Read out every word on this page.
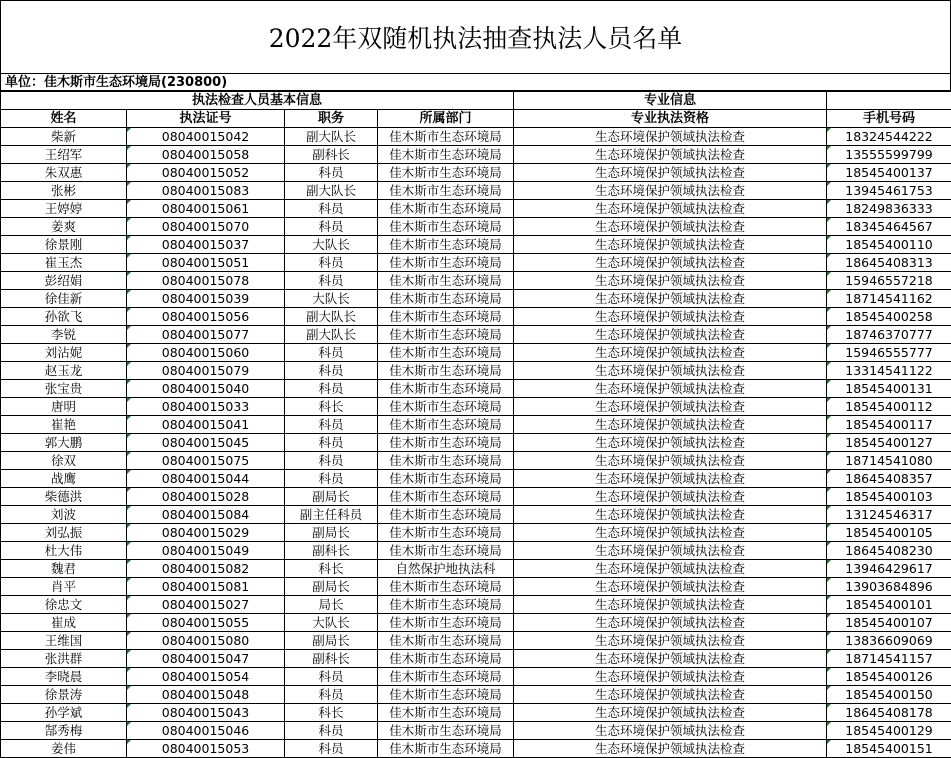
2022年双随机执法抽查执法人员名单
单位：佳木斯市生态环境局(230800)
执法检查人员基本信息				专业信息	
姓名	执法证号	职务	所属部门	专业执法资格	手机号码
柴新	08040015042	副大队长	佳木斯市生态环境局	生态环境保护领域执法检查	18324544222
王绍军	08040015058	副科长	佳木斯市生态环境局	生态环境保护领域执法检查	13555599799
朱双惠	08040015052	科员	佳木斯市生态环境局	生态环境保护领域执法检查	18545400137
张彬	08040015083	副大队长	佳木斯市生态环境局	生态环境保护领域执法检查	13945461753
王婷婷	08040015061	科员	佳木斯市生态环境局	生态环境保护领域执法检查	18249836333
姜爽	08040015070	科员	佳木斯市生态环境局	生态环境保护领域执法检查	18345464567
徐景刚	08040015037	大队长	佳木斯市生态环境局	生态环境保护领域执法检查	18545400110
崔玉杰	08040015051	科员	佳木斯市生态环境局	生态环境保护领域执法检查	18645408313
彭绍娟	08040015078	科员	佳木斯市生态环境局	生态环境保护领域执法检查	15946557218
徐佳新	08040015039	大队长	佳木斯市生态环境局	生态环境保护领域执法检查	18714541162
孙欲飞	08040015056	副大队长	佳木斯市生态环境局	生态环境保护领域执法检查	18545400258
李锐	08040015077	副大队长	佳木斯市生态环境局	生态环境保护领域执法检查	18746370777
刘沾妮	08040015060	科员	佳木斯市生态环境局	生态环境保护领域执法检查	15946555777
赵玉龙	08040015079	科员	佳木斯市生态环境局	生态环境保护领域执法检查	13314541122
张宝贵	08040015040	科员	佳木斯市生态环境局	生态环境保护领域执法检查	18545400131
唐明	08040015033	科长	佳木斯市生态环境局	生态环境保护领域执法检查	18545400112
崔艳	08040015041	科员	佳木斯市生态环境局	生态环境保护领域执法检查	18545400117
郭大鹏	08040015045	科员	佳木斯市生态环境局	生态环境保护领域执法检查	18545400127
徐双	08040015075	科员	佳木斯市生态环境局	生态环境保护领域执法检查	18714541080
战鹰	08040015044	科员	佳木斯市生态环境局	生态环境保护领域执法检查	18645408357
柴德洪	08040015028	副局长	佳木斯市生态环境局	生态环境保护领域执法检查	18545400103
刘波	08040015084	副主任科员	佳木斯市生态环境局	生态环境保护领域执法检查	13124546317
刘弘振	08040015029	副局长	佳木斯市生态环境局	生态环境保护领域执法检查	18545400105
杜大伟	08040015049	副科长	佳木斯市生态环境局	生态环境保护领域执法检查	18645408230
魏君	08040015082	科长	自然保护地执法科	生态环境保护领域执法检查	13946429617
肖平	08040015081	副局长	佳木斯市生态环境局	生态环境保护领域执法检查	13903684896
徐忠文	08040015027	局长	佳木斯市生态环境局	生态环境保护领域执法检查	18545400101
崔成	08040015055	大队长	佳木斯市生态环境局	生态环境保护领域执法检查	18545400107
王维国	08040015080	副局长	佳木斯市生态环境局	生态环境保护领域执法检查	13836609069
张洪群	08040015047	副科长	佳木斯市生态环境局	生态环境保护领域执法检查	18714541157
李晓晨	08040015054	科员	佳木斯市生态环境局	生态环境保护领域执法检查	18545400126
徐景涛	08040015048	科员	佳木斯市生态环境局	生态环境保护领域执法检查	18545400150
孙学斌	08040015043	科长	佳木斯市生态环境局	生态环境保护领域执法检查	18645408178
郜秀梅	08040015046	科员	佳木斯市生态环境局	生态环境保护领域执法检查	18545400129
姜伟	08040015053	科员	佳木斯市生态环境局	生态环境保护领域执法检查	18545400151
